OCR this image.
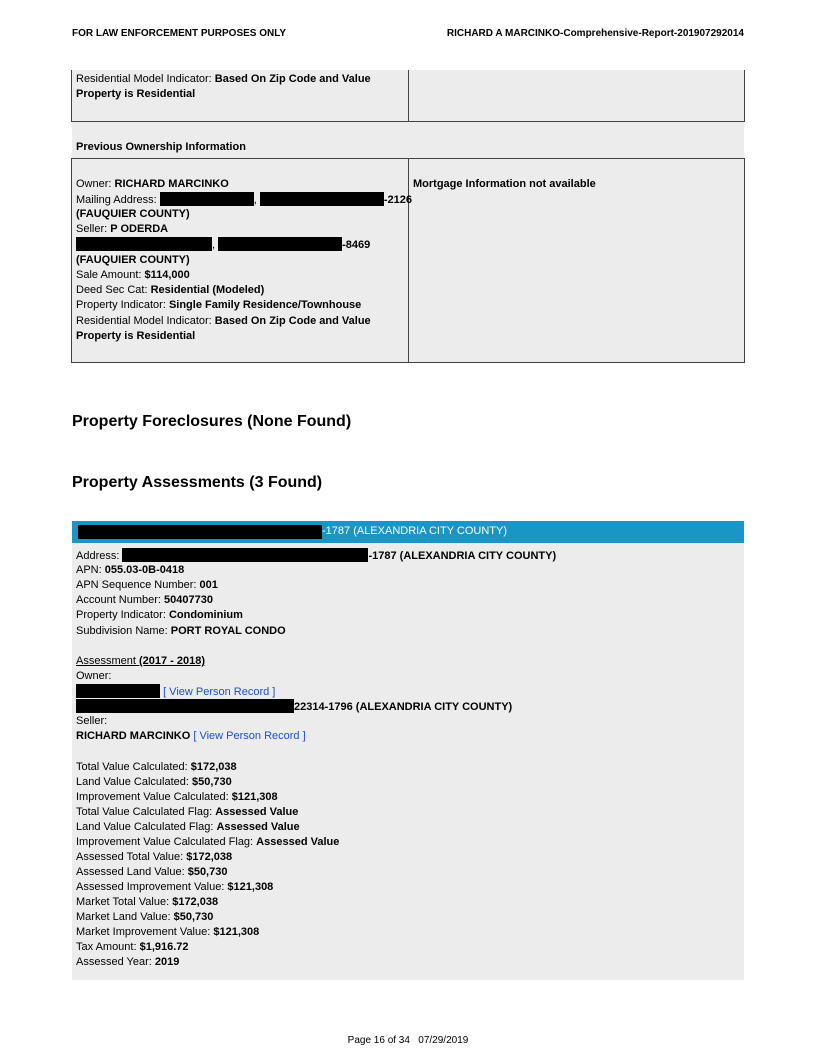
FOR LAW ENFORCEMENT PURPOSES ONLY	RICHARD A MARCINKO-Comprehensive-Report-201907292014
Residential Model Indicator: Based On Zip Code and Value
Property is Residential
Previous Ownership Information
Owner: RICHARD MARCINKO
Mailing Address:	,	-2126
(FAUQUIER COUNTY)
Seller: P ODERDA
,	-8469
(FAUQUIER COUNTY)
Sale Amount: $114,000
Deed Sec Cat: Residential (Modeled)
Property Indicator: Single Family Residence/Townhouse
Residential Model Indicator: Based On Zip Code and Value
Property is Residential
Mortgage Information not available
Property Foreclosures (None Found)
Property Assessments (3 Found)
-1787 (ALEXANDRIA CITY COUNTY)
Address:	-1787 (ALEXANDRIA CITY COUNTY)
APN: 055.03-0B-0418
APN Sequence Number: 001
Account Number: 50407730
Property Indicator: Condominium
Subdivision Name: PORT ROYAL CONDO
Assessment (2017 - 2018)
Owner:
[ View Person Record ]
22314-1796 (ALEXANDRIA CITY COUNTY)
Seller:
RICHARD MARCINKO [ View Person Record ]
Total Value Calculated: $172,038
Land Value Calculated: $50,730
Improvement Value Calculated: $121,308
Total Value Calculated Flag: Assessed Value
Land Value Calculated Flag: Assessed Value
Improvement Value Calculated Flag: Assessed Value
Assessed Total Value: $172,038
Assessed Land Value: $50,730
Assessed Improvement Value: $121,308
Market Total Value: $172,038
Market Land Value: $50,730
Market Improvement Value: $121,308
Tax Amount: $1,916.72
Assessed Year: 2019
Page 16 of 34   07/29/2019
